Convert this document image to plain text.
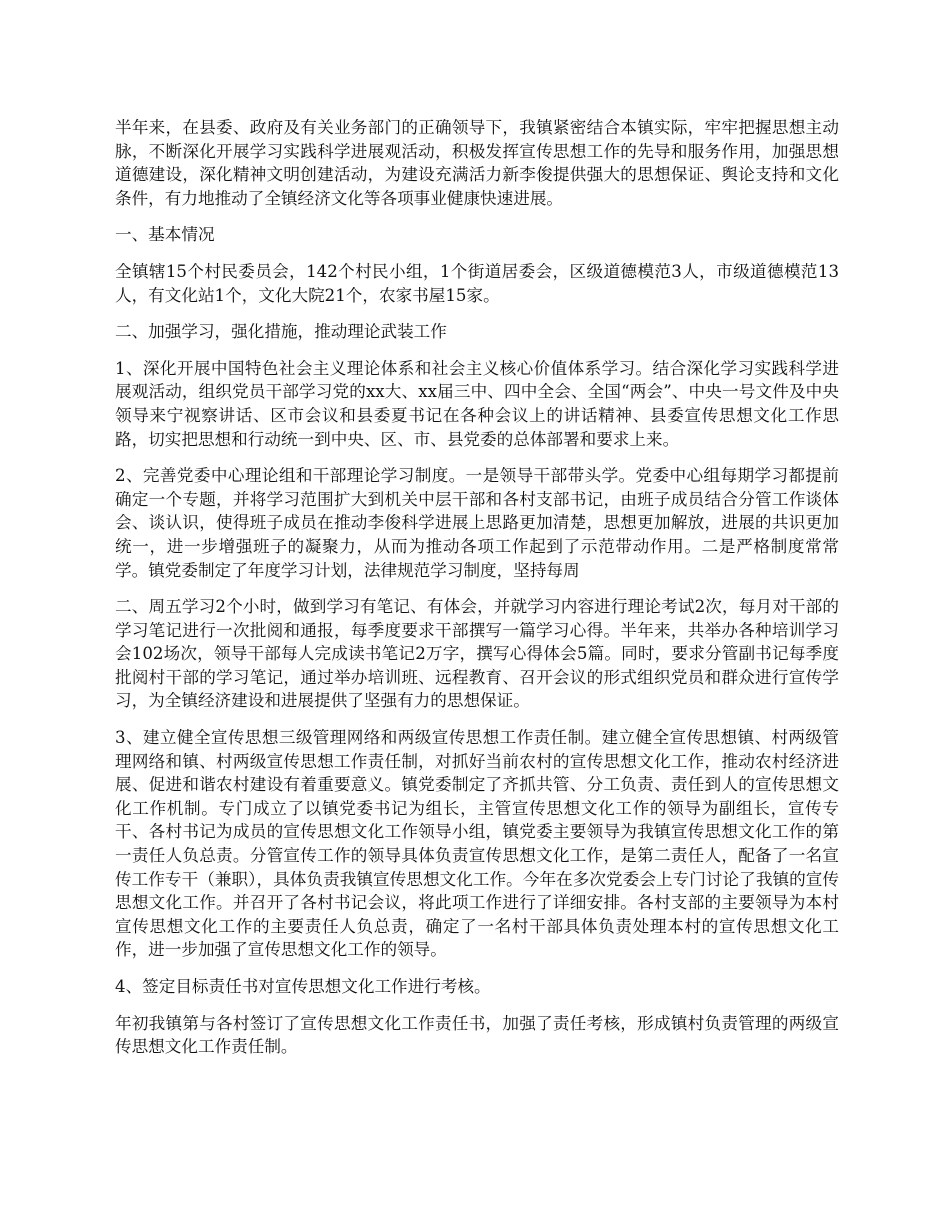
半年来，在县委、政府及有关业务部门的正确领导下，我镇紧密结合本镇实际，牢牢把握思想主动脉，不断深化开展学习实践科学进展观活动，积极发挥宣传思想工作的先导和服务作用，加强思想道德建设，深化精神文明创建活动，为建设充满活力新李俊提供强大的思想保证、舆论支持和文化条件，有力地推动了全镇经济文化等各项事业健康快速进展。

一、基本情况

全镇辖15个村民委员会，142个村民小组，1个街道居委会，区级道德模范3人，市级道德模范13人，有文化站1个，文化大院21个，农家书屋15家。

二、加强学习，强化措施，推动理论武装工作

1、深化开展中国特色社会主义理论体系和社会主义核心价值体系学习。结合深化学习实践科学进展观活动，组织党员干部学习党的xx大、xx届三中、四中全会、全国“两会”、中央一号文件及中央领导来宁视察讲话、区市会议和县委夏书记在各种会议上的讲话精神、县委宣传思想文化工作思路，切实把思想和行动统一到中央、区、市、县党委的总体部署和要求上来。

2、完善党委中心理论组和干部理论学习制度。一是领导干部带头学。党委中心组每期学习都提前确定一个专题，并将学习范围扩大到机关中层干部和各村支部书记，由班子成员结合分管工作谈体会、谈认识，使得班子成员在推动李俊科学进展上思路更加清楚，思想更加解放，进展的共识更加统一，进一步增强班子的凝聚力，从而为推动各项工作起到了示范带动作用。二是严格制度常常学。镇党委制定了年度学习计划，法律规范学习制度，坚持每周

二、周五学习2个小时，做到学习有笔记、有体会，并就学习内容进行理论考试2次，每月对干部的学习笔记进行一次批阅和通报，每季度要求干部撰写一篇学习心得。半年来，共举办各种培训学习会102场次，领导干部每人完成读书笔记2万字，撰写心得体会5篇。同时，要求分管副书记每季度批阅村干部的学习笔记，通过举办培训班、远程教育、召开会议的形式组织党员和群众进行宣传学习，为全镇经济建设和进展提供了坚强有力的思想保证。

3、建立健全宣传思想三级管理网络和两级宣传思想工作责任制。建立健全宣传思想镇、村两级管理网络和镇、村两级宣传思想工作责任制，对抓好当前农村的宣传思想文化工作，推动农村经济进展、促进和谐农村建设有着重要意义。镇党委制定了齐抓共管、分工负责、责任到人的宣传思想文化工作机制。专门成立了以镇党委书记为组长，主管宣传思想文化工作的领导为副组长，宣传专干、各村书记为成员的宣传思想文化工作领导小组，镇党委主要领导为我镇宣传思想文化工作的第一责任人负总责。分管宣传工作的领导具体负责宣传思想文化工作，是第二责任人，配备了一名宣传工作专干（兼职），具体负责我镇宣传思想文化工作。今年在多次党委会上专门讨论了我镇的宣传思想文化工作。并召开了各村书记会议，将此项工作进行了详细安排。各村支部的主要领导为本村宣传思想文化工作的主要责任人负总责，确定了一名村干部具体负责处理本村的宣传思想文化工作，进一步加强了宣传思想文化工作的领导。

4、签定目标责任书对宣传思想文化工作进行考核。

年初我镇第与各村签订了宣传思想文化工作责任书，加强了责任考核，形成镇村负责管理的两级宣传思想文化工作责任制。
